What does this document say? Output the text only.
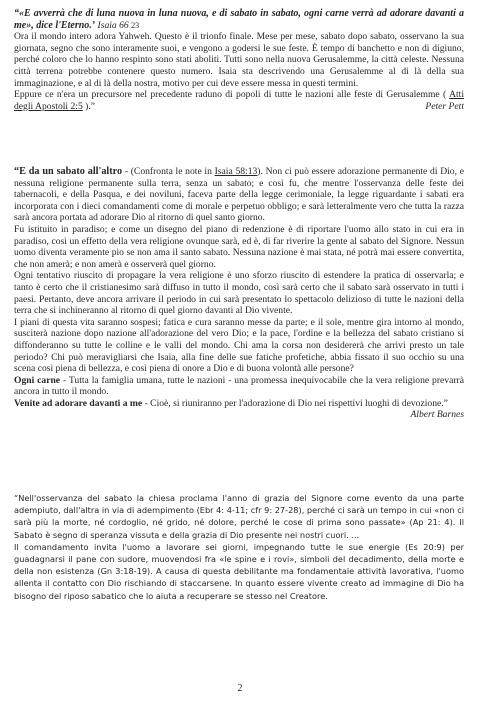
“«E avverrà che di luna nuova in luna nuova, e di sabato in sabato, ogni carne verrà ad adorare davanti a me», dice l'Eterno.’ Isaia 66 23

Ora il mondo intero adora Yahweh. Questo è il trionfo finale. Mese per mese, sabato dopo sabato, osservano la sua giornata, segno che sono interamente suoi, e vengono a godersi le sue feste. È tempo di banchetto e non di digiuno, perché coloro che lo hanno respinto sono stati aboliti. Tutti sono nella nuova Gerusalemme, la città celeste. Nessuna città terrena potrebbe contenere questo numero. Isaia sta descrivendo una Gerusalemme al di là della sua immaginazione, e al di là della nostra, motivo per cui deve essere messa in questi termini.

Eppure ce n'era un precursore nel precedente raduno di popoli di tutte le nazioni alle feste di Gerusalemme ( Atti degli Apostoli 2:5 ).”	Peter Pett

“E da un sabato all'altro - (Confronta le note in Isaia 58:13). Non ci può essere adorazione permanente di Dio, e nessuna religione permanente sulla terra, senza un sabato; e così fu, che mentre l'osservanza delle feste dei tabernacoli, e della Pasqua, e dei noviluni, faceva parte della legge cerimoniale, la legge riguardante i sabati era incorporata con i dieci comandamenti come di morale e perpetuo obbligo; e sarà letteralmente vero che tutta la razza sarà ancora portata ad adorare Dio al ritorno di quel santo giorno.

Fu istituito in paradiso; e come un disegno del piano di redenzione è di riportare l'uomo allo stato in cui era in paradiso, così un effetto della vera religione ovunque sarà, ed è, di far riverire la gente al sabato del Signore. Nessun uomo diventa veramente pio se non ama il santo sabato. Nessuna nazione è mai stata, né potrà mai essere convertita, che non amerà; e non amerà e osserverà quel giorno.

Ogni tentativo riuscito di propagare la vera religione è uno sforzo riuscito di estendere la pratica di osservarla; e tanto è certo che il cristianesimo sarà diffuso in tutto il mondo, così sarà certo che il sabato sarà osservato in tutti i paesi. Pertanto, deve ancora arrivare il periodo in cui sarà presentato lo spettacolo delizioso di tutte le nazioni della terra che si inchineranno al ritorno di quel giorno davanti al Dio vivente.

I piani di questa vita saranno sospesi; fatica e cura saranno messe da parte; e il sole, mentre gira intorno al mondo, susciterà nazione dopo nazione all'adorazione del vero Dio; e la pace, l'ordine e la bellezza del sabato cristiano si diffonderanno su tutte le colline e le valli del mondo. Chi ama la corsa non desidererà che arrivi presto un tale periodo? Chi può meravigliarsi che Isaia, alla fine delle sue fatiche profetiche, abbia fissato il suo occhio su una scena così piena di bellezza, e così piena di onore a Dio e di buona volontà alle persone?

Ogni carne - Tutta la famiglia umana, tutte le nazioni - una promessa inequivocabile che la vera religione prevarrà ancora in tutto il mondo.

Venite ad adorare davanti a me - Cioè, si riuniranno per l'adorazione di Dio nei rispettivi luoghi di devozione.”
Albert Barnes

“Nell'osservanza del sabato la chiesa proclama l'anno di grazia del Signore come evento da una parte adempiuto, dall'altra in via di adempimento (Ebr 4: 4-11; cfr 9: 27-28), perché ci sarà un tempo in cui «non ci sarà più la morte, né cordoglio, né grido, né dolore, perché le cose di prima sono passate» (Ap 21: 4). Il Sabato è segno di speranza vissuta e della grazia di Dio presente nei nostri cuori. ...

Il comandamento invita l'uomo a lavorare sei giorni, impegnando tutte le sue energie (Es 20:9) per guadagnarsi il pane con sudore, muovendosi fra «le spine e i rovi», simboli del decadimento, della morte e della non esistenza (Gn 3:18-19). A causa di questa debilitante ma fondamentale attività lavorativa, l'uomo allenta il contatto con Dio rischiando di staccarsene. In quanto essere vivente creato ad immagine di Dio ha bisogno del riposo sabatico che lo aiuta a recuperare se stesso nel Creatore.

2
